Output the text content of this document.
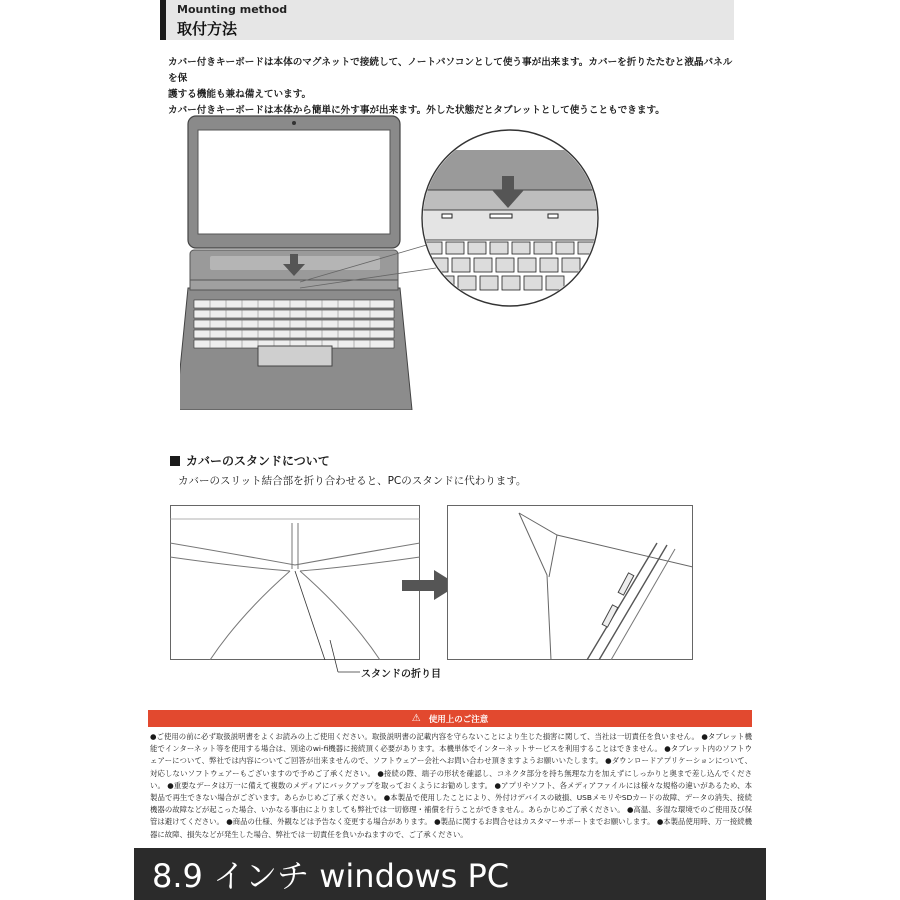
Mounting method
取付方法

カバー付きキーボードは本体のマグネットで接続して、ノートパソコンとして使う事が出来ます。カバーを折りたたむと液晶パネルを保

護する機能も兼ね備えています。

カバー付きキーボードは本体から簡単に外す事が出来ます。外した状態だとタブレットとして使うこともできます。

カバーのスタンドについて
カバーのスリット結合部を折り合わせると、PCのスタンドに代わります。
スタンドの折り目
⚠ 使用上のご注意
●ご使用の前に必ず取扱説明書をよくお読みの上ご使用ください。取扱説明書の記載内容を守らないことにより生じた損害に関して、当社は一切責任を負いません。 ●タブレット機能でインターネット等を使用する場合は、別途のwi-fi機器に接続頂く必要があります。本機単体でインターネットサービスを利用することはできません。 ●タブレット内のソフトウェアーについて、弊社では内容についてご回答が出来ませんので、ソフトウェアー会社へお問い合わせ頂きますようお願いいたします。 ●ダウンロードアプリケーションについて、対応しないソフトウェアーもございますので予めご了承ください。 ●接続の際、端子の形状を確認し、コネクタ部分を持ち無理な力を加えずにしっかりと奥まで差し込んでください。 ●重要なデータは万一に備えて複数のメディアにバックアップを取っておくようにお勧めします。 ●アプリやソフト、各メディアファイルには様々な規格の違いがあるため、本製品で再生できない場合がございます。あらかじめご了承ください。 ●本製品で使用したことにより、外付けデバイスの破損、USBメモリやSDカードの故障、データの消失、接続機器の故障などが起こった場合、いかなる事由によりましても弊社では一切修理・補償を行うことができません。あらかじめご了承ください。 ●高温、多湿な環境でのご使用及び保管は避けてください。 ●商品の仕様、外観などは予告なく変更する場合があります。 ●製品に関するお問合せはカスタマーサポートまでお願いします。 ●本製品使用時、万一接続機器に故障、損失などが発生した場合、弊社では一切責任を負いかねますので、ご了承ください。
8.9 インチ windows PC
